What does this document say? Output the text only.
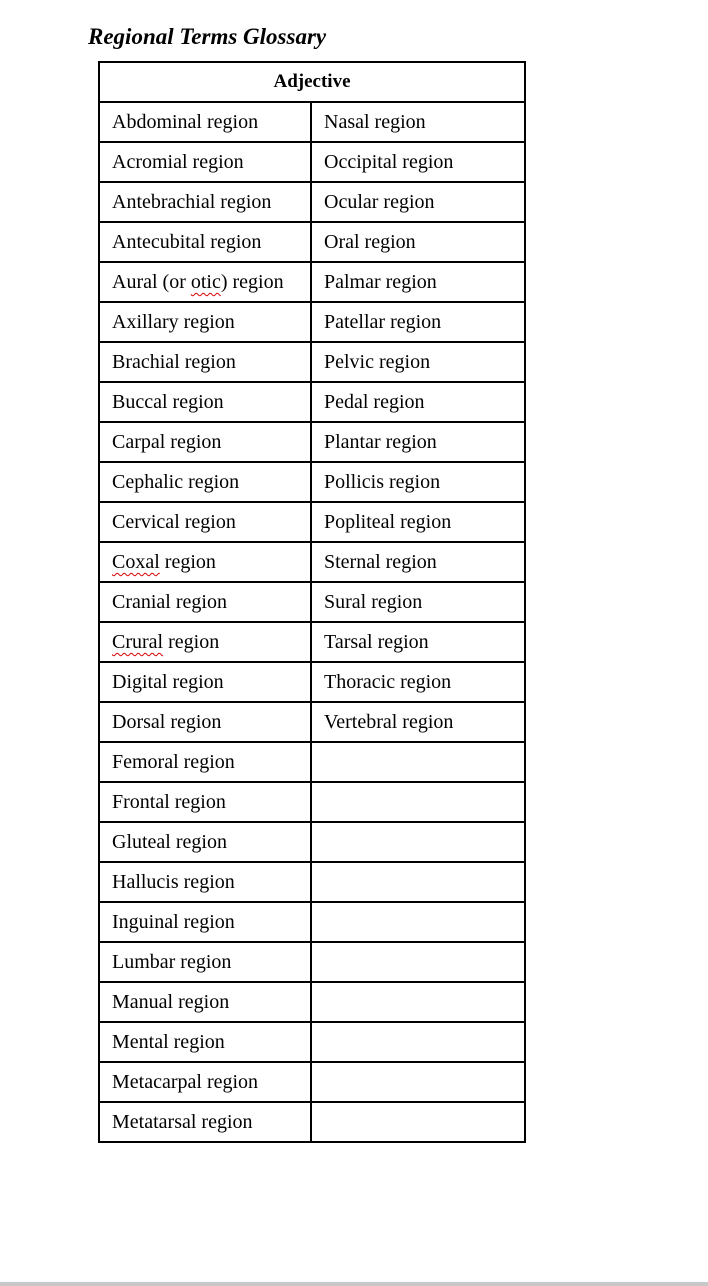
Regional Terms Glossary
Adjective	
Abdominal region	Nasal region
Acromial region	Occipital region
Antebrachial region	Ocular region
Antecubital region	Oral region
Aural (or otic) region	Palmar region
Axillary region	Patellar region
Brachial region	Pelvic region
Buccal region	Pedal region
Carpal region	Plantar region
Cephalic region	Pollicis region
Cervical region	Popliteal region
Coxal region	Sternal region
Cranial region	Sural region
Crural region	Tarsal region
Digital region	Thoracic region
Dorsal region	Vertebral region
Femoral region	
Frontal region	
Gluteal region	
Hallucis region	
Inguinal region	
Lumbar region	
Manual region	
Mental region	
Metacarpal region	
Metatarsal region	
